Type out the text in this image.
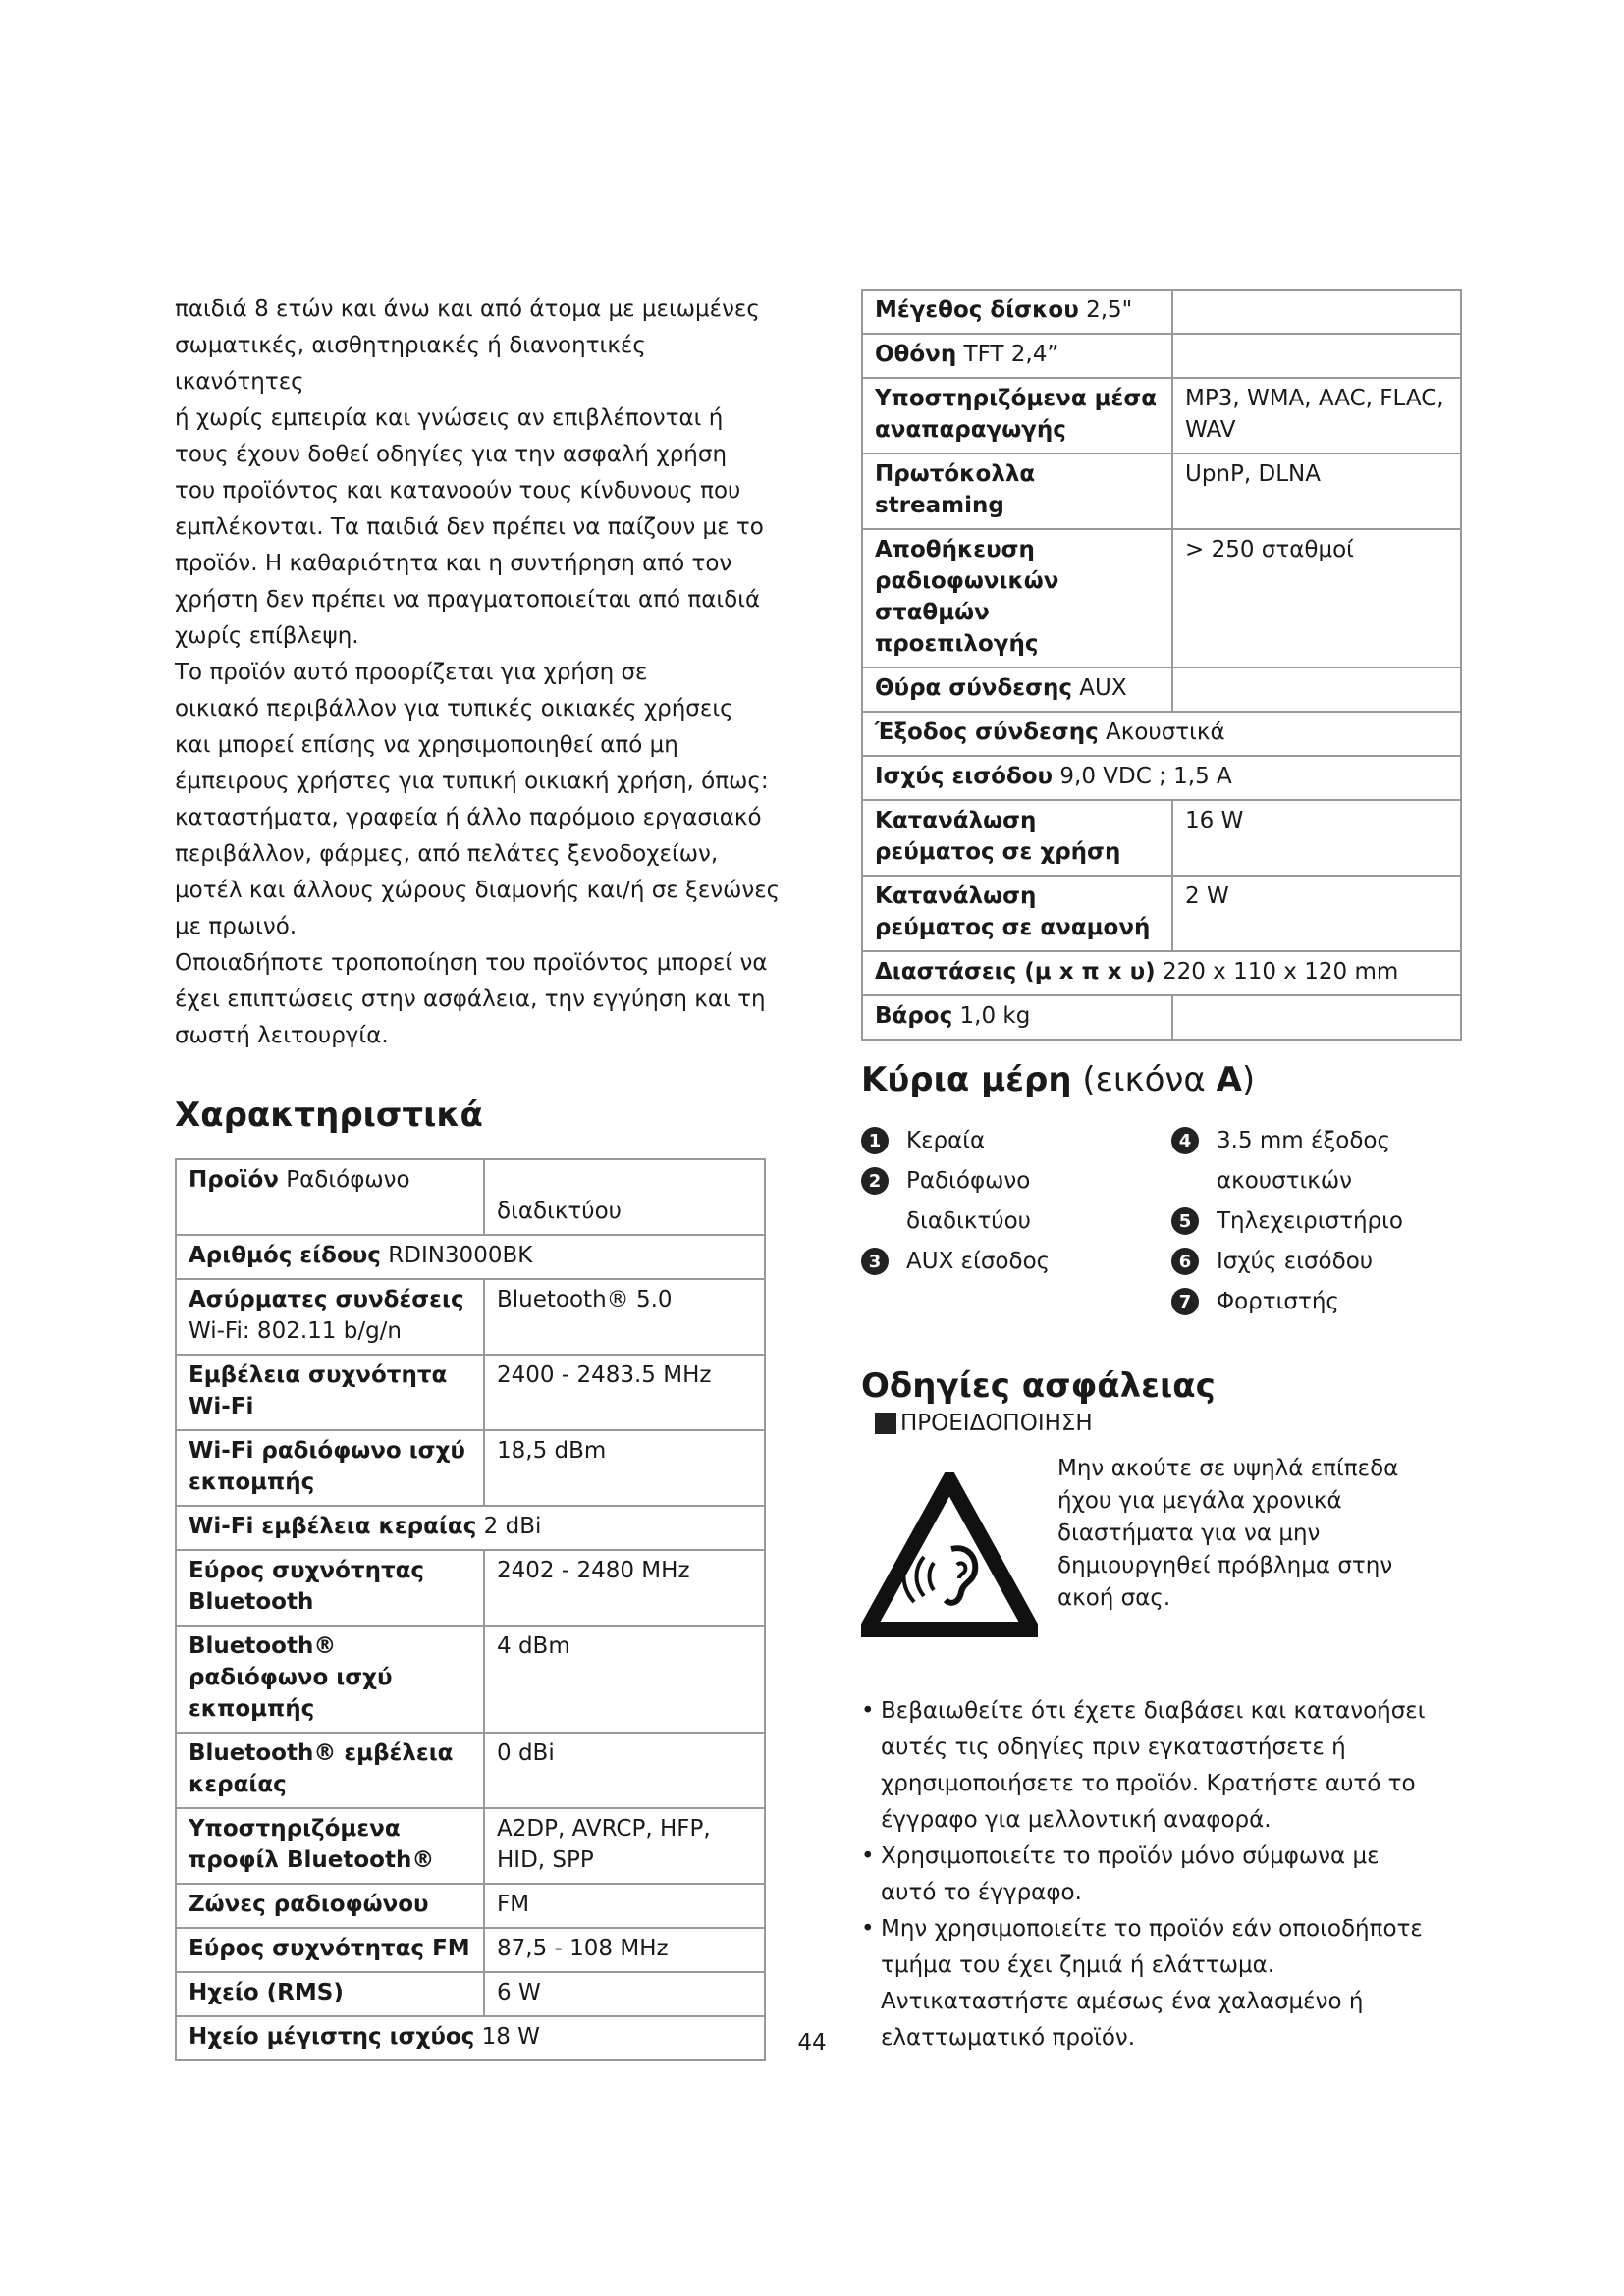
παιδιά 8 ετών και άνω και από άτομα με μειωμένες
σωματικές, αισθητηριακές ή διανοητικές ικανότητες
ή χωρίς εμπειρία και γνώσεις αν επιβλέπονται ή
τους έχουν δοθεί οδηγίες για την ασφαλή χρήση
του προϊόντος και κατανοούν τους κίνδυνους που
εμπλέκονται. Τα παιδιά δεν πρέπει να παίζουν με το
προϊόν. Η καθαριότητα και η συντήρηση από τον
χρήστη δεν πρέπει να πραγματοποιείται από παιδιά
χωρίς επίβλεψη.

Το προϊόν αυτό προορίζεται για χρήση σε
οικιακό περιβάλλον για τυπικές οικιακές χρήσεις
και μπορεί επίσης να χρησιμοποιηθεί από μη
έμπειρους χρήστες για τυπική οικιακή χρήση, όπως:
καταστήματα, γραφεία ή άλλο παρόμοιο εργασιακό
περιβάλλον, φάρμες, από πελάτες ξενοδοχείων,
μοτέλ και άλλους χώρους διαμονής και/ή σε ξενώνες
με πρωινό.

Οποιαδήποτε τροποποίηση του προϊόντος μπορεί να
έχει επιπτώσεις στην ασφάλεια, την εγγύηση και τη
σωστή λειτουργία.

Χαρακτηριστικά
Προϊόν Ραδιόφωνο	διαδικτύου
Αριθμός είδους RDIN3000BK	
Ασύρματες συνδέσεις Wi-Fi: 802.11 b/g/n	Bluetooth® 5.0
Εμβέλεια συχνότητα Wi-Fi	2400 - 2483.5 MHz
Wi-Fi ραδιόφωνο ισχύ εκπομπής	18,5 dBm
Wi-Fi εμβέλεια κεραίας 2 dBi	
Εύρος συχνότητας Bluetooth	2402 - 2480 MHz
Bluetooth® ραδιόφωνο ισχύ εκπομπής	4 dBm
Bluetooth® εμβέλεια κεραίας	0 dBi
Υποστηριζόμενα προφίλ Bluetooth®	A2DP, AVRCP, HFP, HID, SPP
Ζώνες ραδιοφώνου	FM
Εύρος συχνότητας FM	87,5 - 108 MHz
Ηχείο (RMS)	6 W
Ηχείο μέγιστης ισχύος 18 W	
Μέγεθος δίσκου 2,5"	
Οθόνη TFT 2,4”	
Υποστηριζόμενα μέσα αναπαραγωγής	MP3, WMA, AAC, FLAC, WAV
Πρωτόκολλα streaming	UpnP, DLNA
Αποθήκευση ραδιοφωνικών σταθμών προεπιλογής	> 250 σταθμοί
Θύρα σύνδεσης AUX	
Έξοδος σύνδεσης Ακουστικά	
Ισχύς εισόδου 9,0 VDC ; 1,5 A	
Κατανάλωση ρεύματος σε χρήση	16 W
Κατανάλωση ρεύματος σε αναμονή	2 W
Διαστάσεις (μ x π x υ) 220 x 110 x 120 mm	
Βάρος 1,0 kg	
Κύρια μέρη (εικόνα A)
1	Κεραία
2	Ραδιόφωνο
διαδικτύου
3	AUX είσοδος
4	3.5 mm έξοδος
ακουστικών
5	Τηλεχειριστήριο
6	Ισχύς εισόδου
7	Φορτιστής
Οδηγίες ασφάλειας
ΠΡΟΕΙΔΟΠΟΙΗΣΗ
Μην ακούτε σε υψηλά επίπεδα
ήχου για μεγάλα χρονικά
διαστήματα για να μην
δημιουργηθεί πρόβλημα στην
ακοή σας.
• Βεβαιωθείτε ότι έχετε διαβάσει και κατανοήσει
αυτές τις οδηγίες πριν εγκαταστήσετε ή
χρησιμοποιήσετε το προϊόν. Κρατήστε αυτό το
έγγραφο για μελλοντική αναφορά.
• Χρησιμοποιείτε το προϊόν μόνο σύμφωνα με
αυτό το έγγραφο.
• Μην χρησιμοποιείτε το προϊόν εάν οποιοδήποτε
τμήμα του έχει ζημιά ή ελάττωμα.
Αντικαταστήστε αμέσως ένα χαλασμένο ή
ελαττωματικό προϊόν.
44
